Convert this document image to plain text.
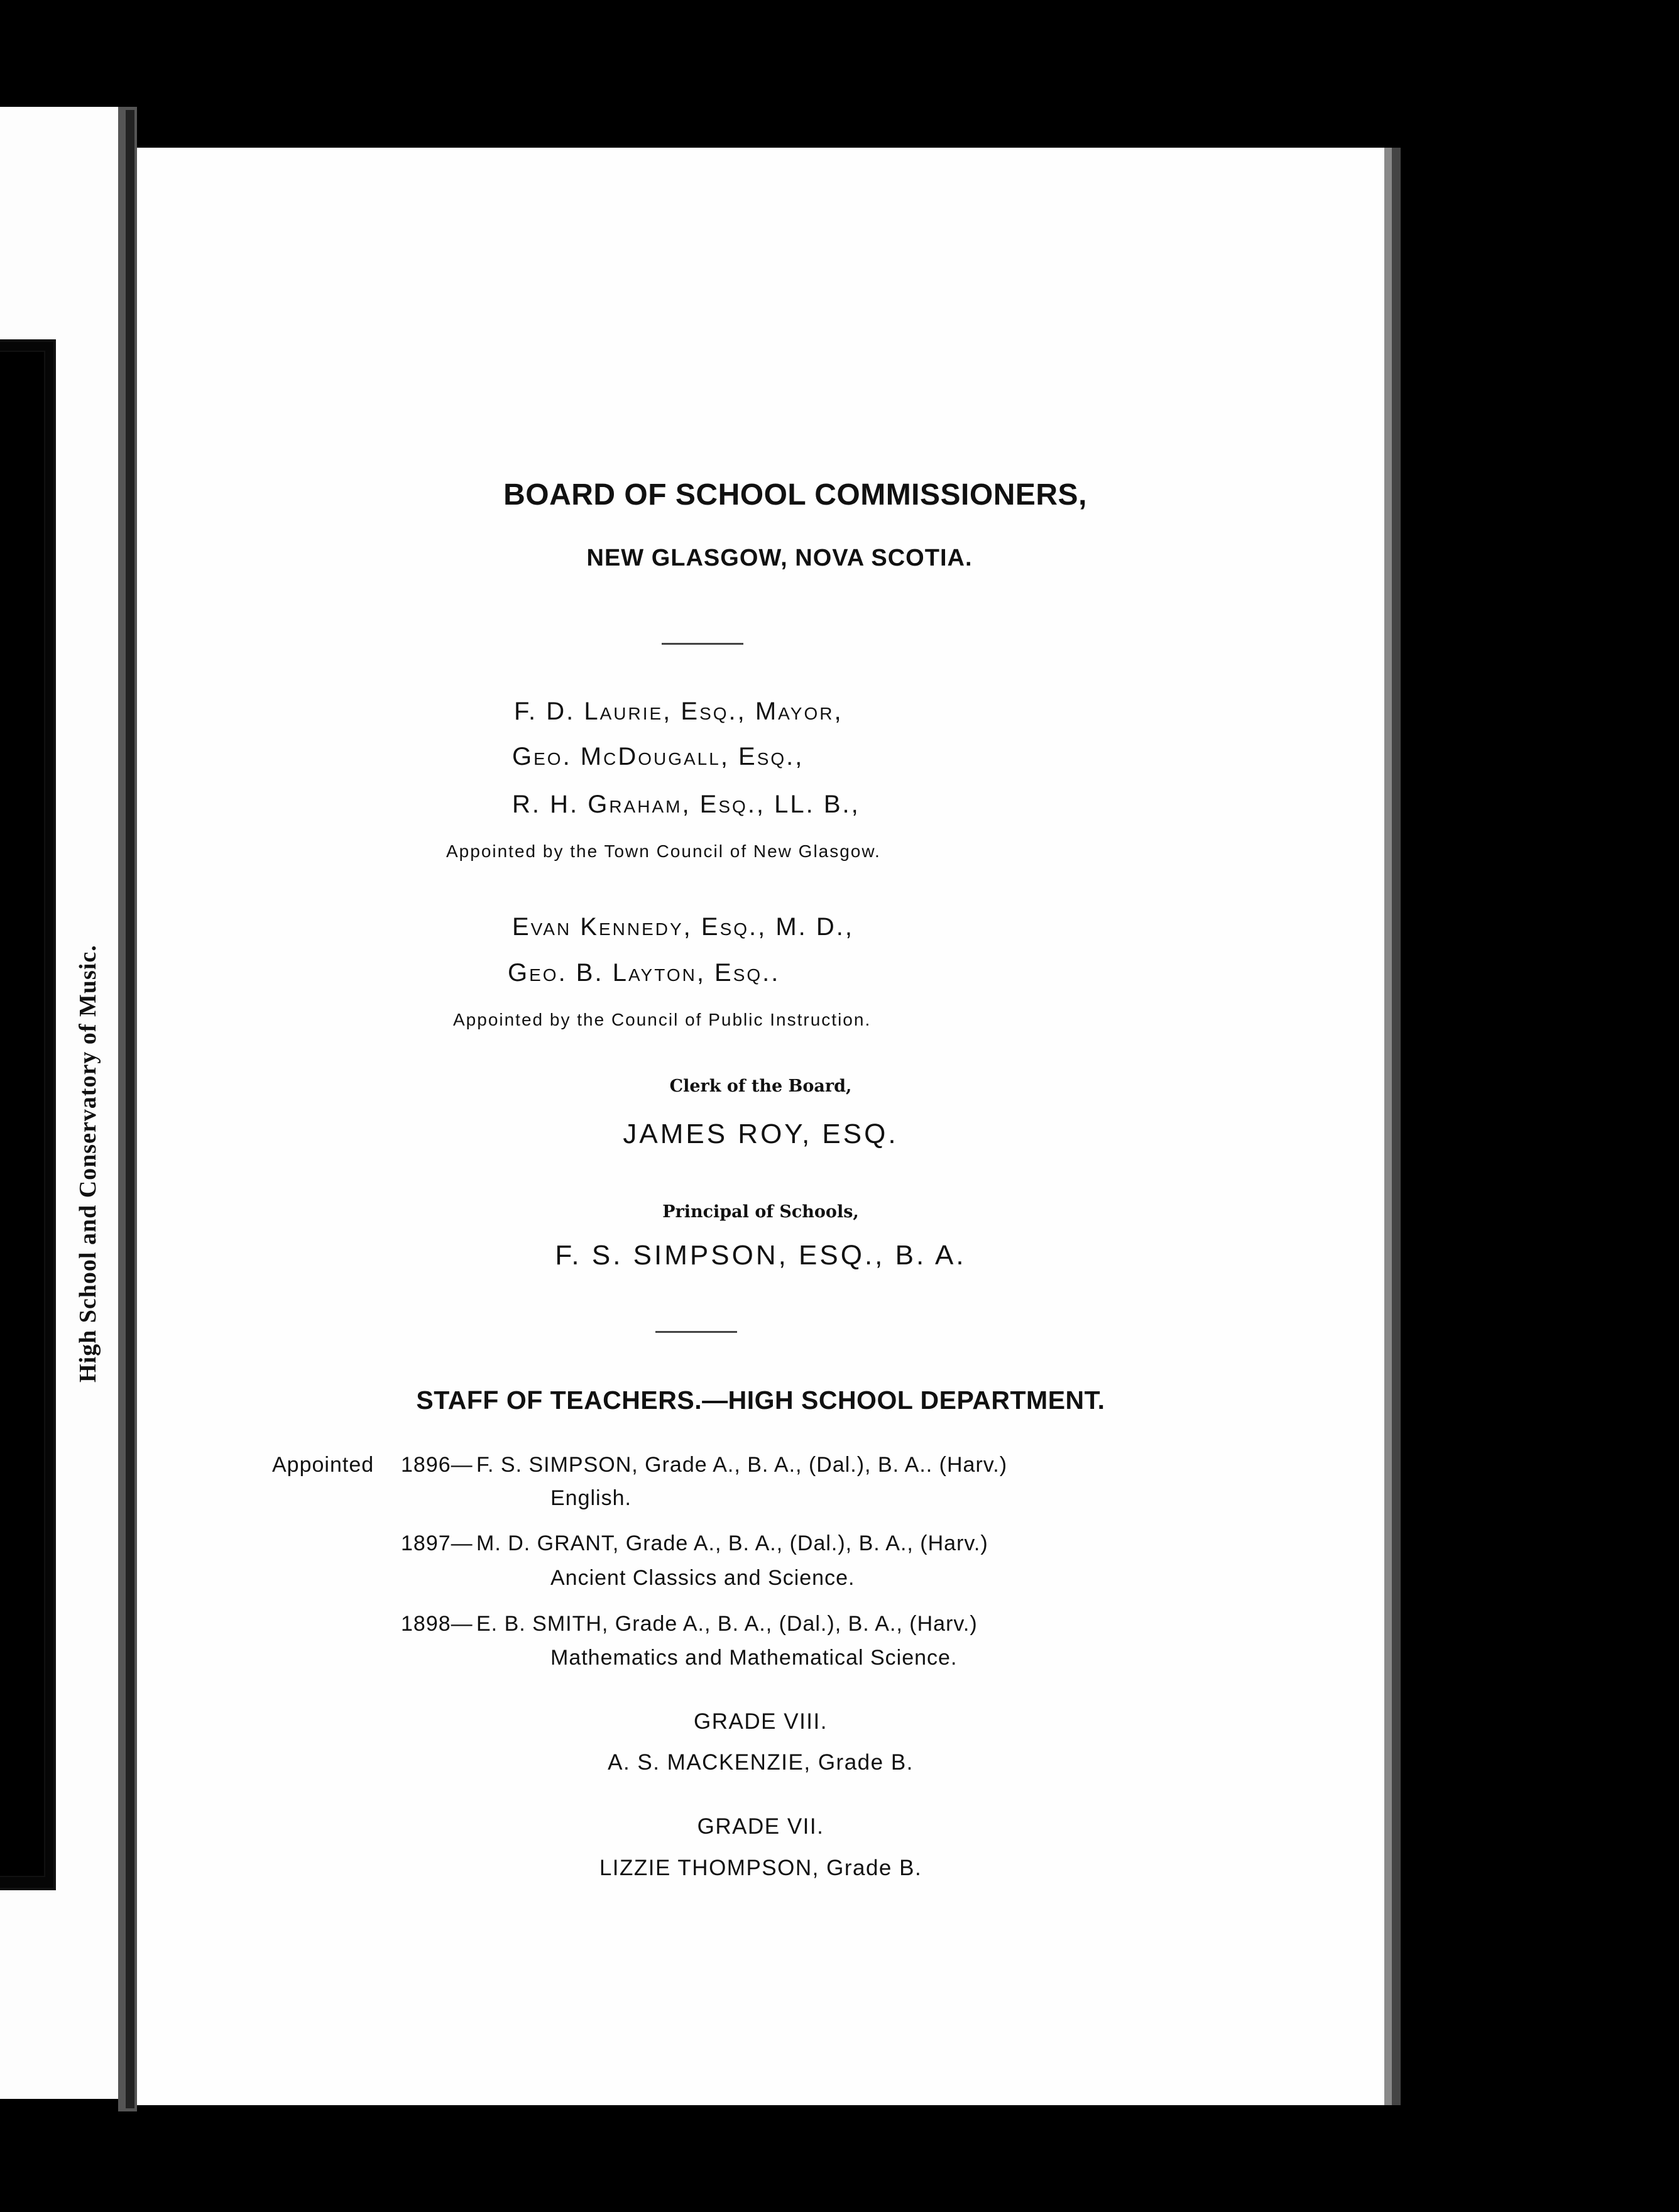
High School and Conservatory of Music.
BOARD OF SCHOOL COMMISSIONERS,
NEW GLASGOW, NOVA SCOTIA.
F. D. Laurie, Esq., Mayor,
Geo. McDougall, Esq.,
R. H. Graham, Esq., LL. B.,
Appointed by the Town Council of New Glasgow.
Evan Kennedy, Esq., M. D.,
Geo. B. Layton, Esq..
Appointed by the Council of Public Instruction.
Clerk of the Board,
JAMES ROY, ESQ.
Principal of Schools,
F. S. SIMPSON, ESQ., B. A.
STAFF OF TEACHERS.—HIGH SCHOOL DEPARTMENT.
Appointed 1896— F. S. SIMPSON, Grade A., B. A., (Dal.), B. A.. (Harv.)
English.
1897— M. D. GRANT, Grade A., B. A., (Dal.), B. A., (Harv.)
Ancient Classics and Science.
1898— E. B. SMITH, Grade A., B. A., (Dal.), B. A., (Harv.)
Mathematics and Mathematical Science.
GRADE VIII.
A. S. MACKENZIE, Grade B.
GRADE VII.
LIZZIE THOMPSON, Grade B.
